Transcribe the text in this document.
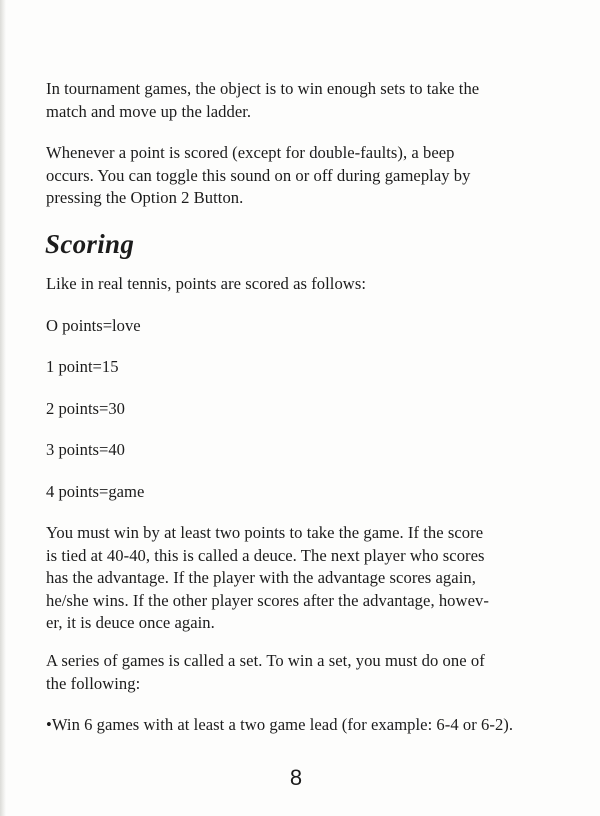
In tournament games, the object is to win enough sets to take the
match and move up the ladder.

Whenever a point is scored (except for double-faults), a beep
occurs. You can toggle this sound on or off during gameplay by
pressing the Option 2 Button.

Scoring

Like in real tennis, points are scored as follows:

O points=love

1 point=15

2 points=30

3 points=40

4 points=game

You must win by at least two points to take the game. If the score
is tied at 40-40, this is called a deuce. The next player who scores
has the advantage. If the player with the advantage scores again,
he/she wins. If the other player scores after the advantage, howev-
er, it is deuce once again.

A series of games is called a set. To win a set, you must do one of
the following:

•Win 6 games with at least a two game lead (for example: 6-4 or 6-2).

8
